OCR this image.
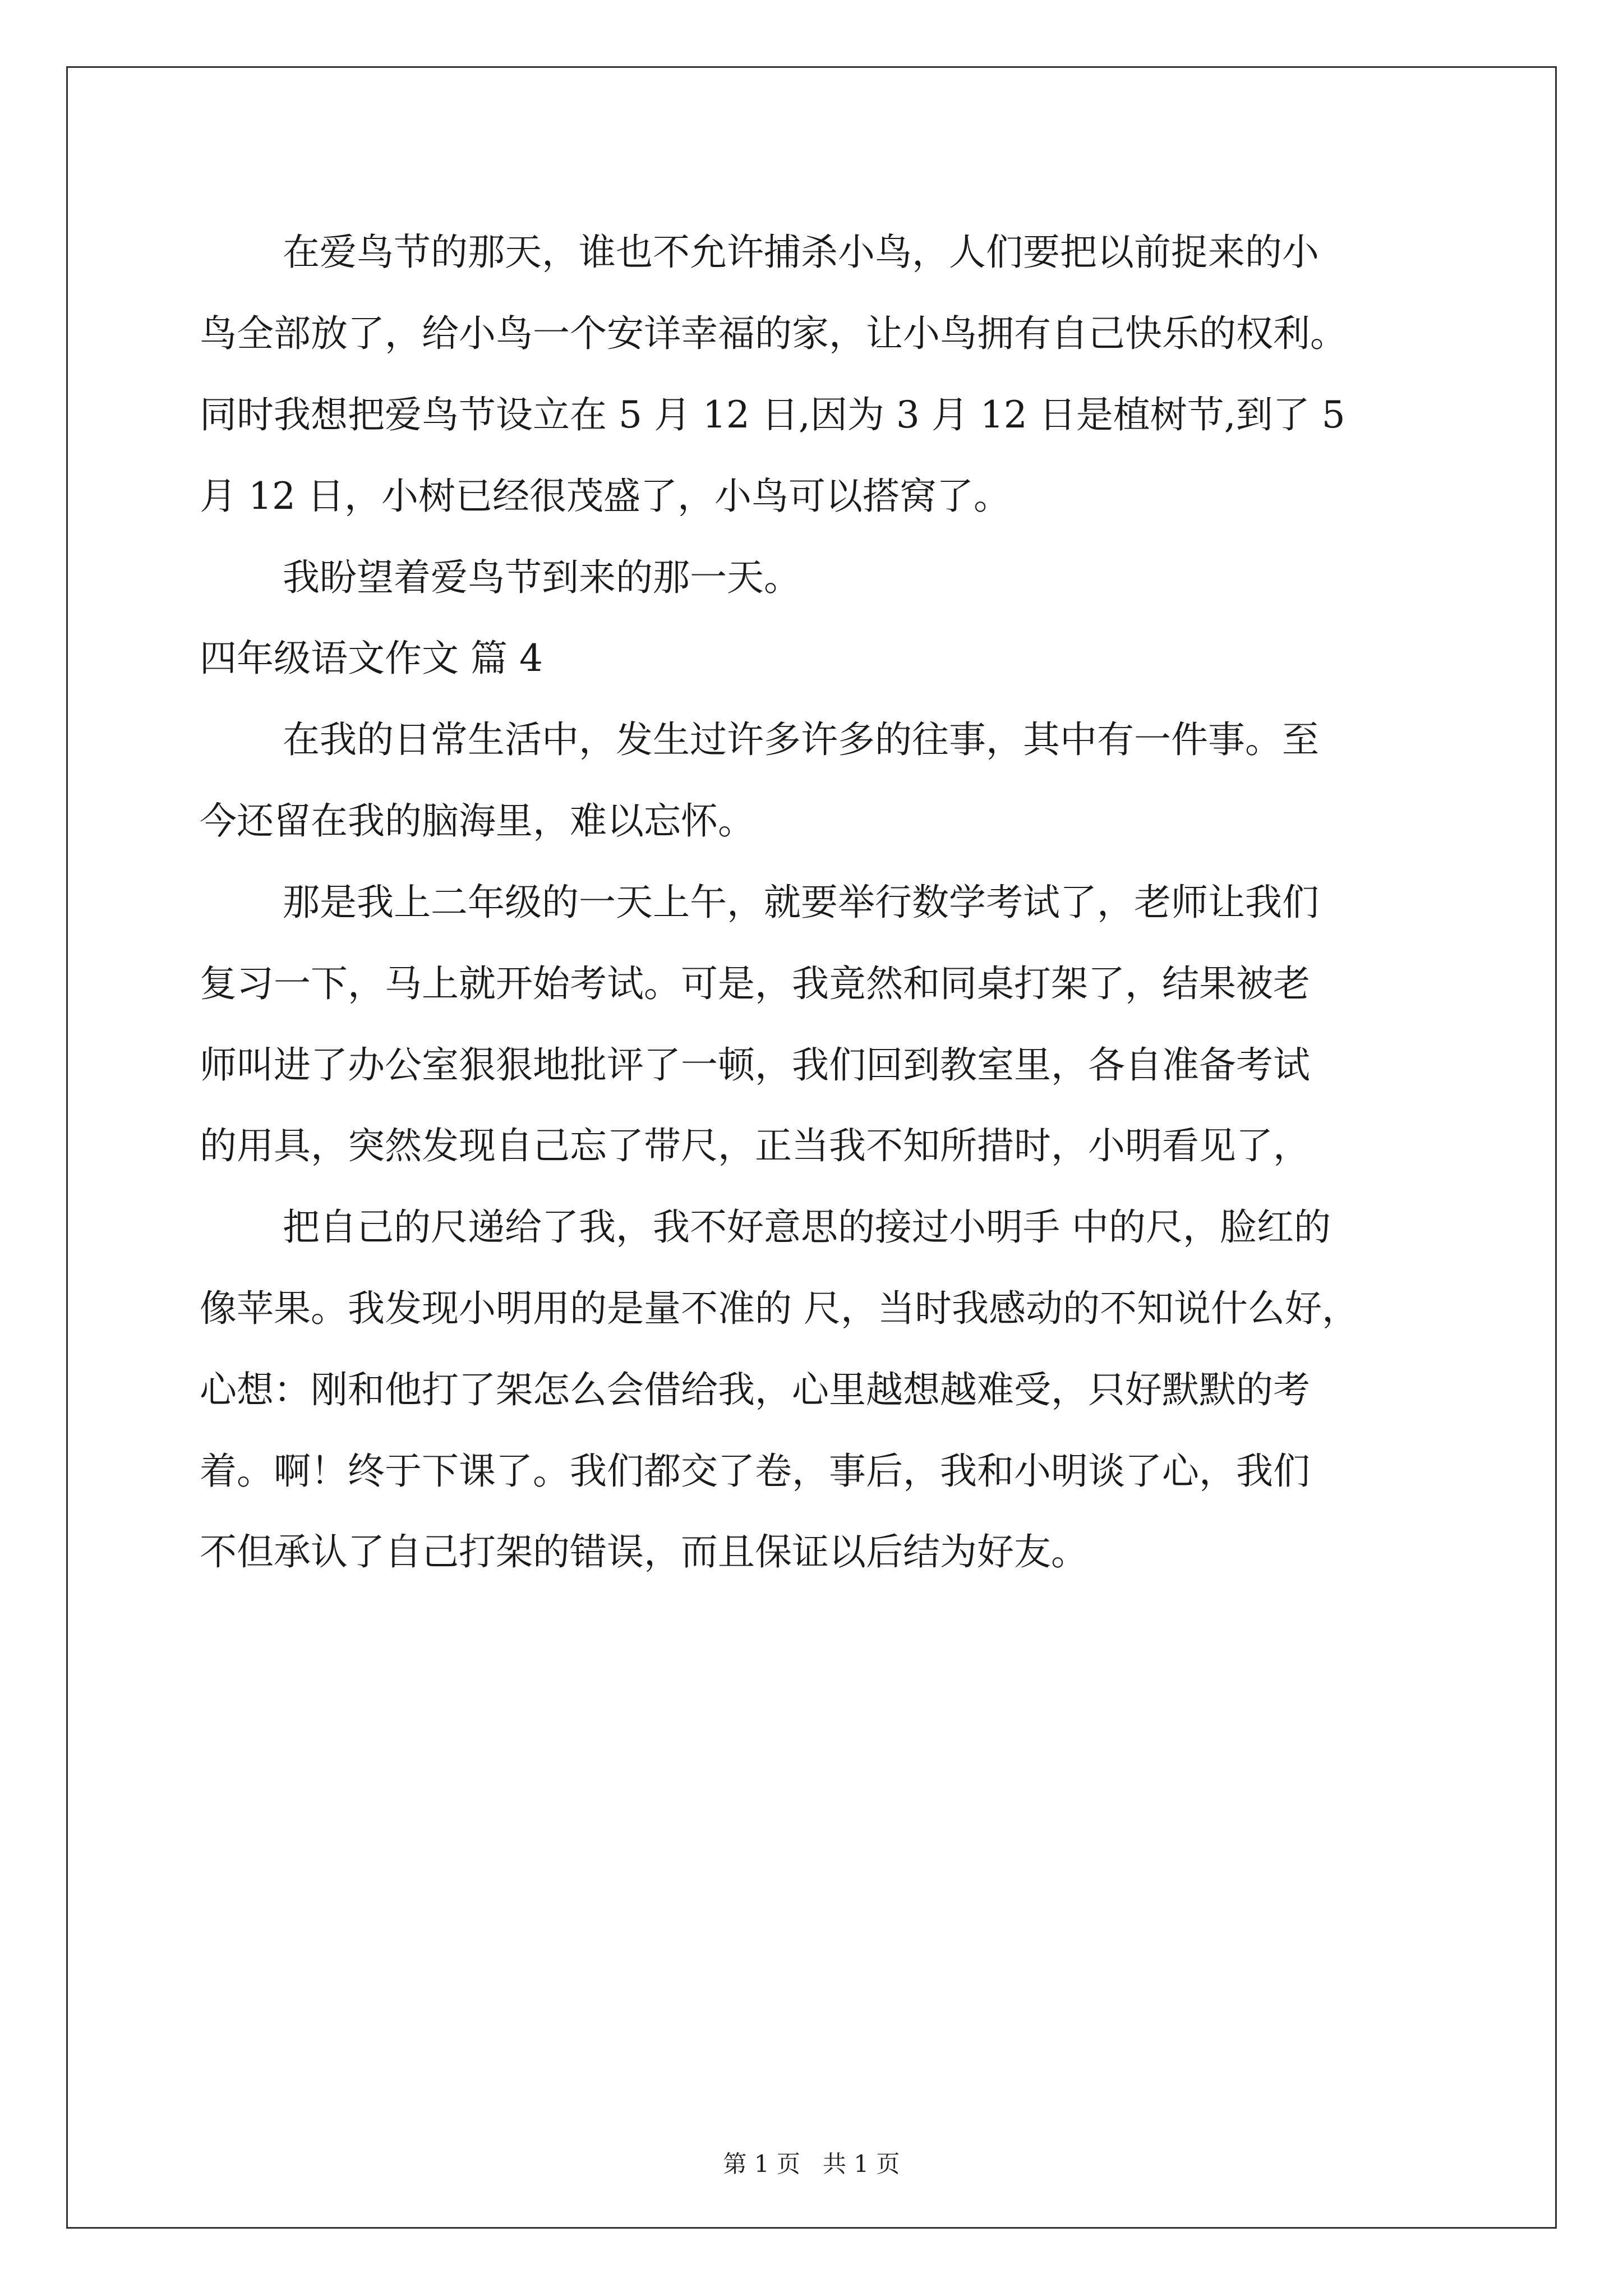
在爱鸟节的那天，谁也不允许捕杀小鸟，人们要把以前捉来的小
鸟全部放了，给小鸟一个安详幸福的家，让小鸟拥有自己快乐的权利。
同时我想把爱鸟节设立在 5 月 12 日,因为 3 月 12 日是植树节,到了 5
月 12 日，小树已经很茂盛了，小鸟可以搭窝了。
我盼望着爱鸟节到来的那一天。
四年级语文作文 篇 4
在我的日常生活中，发生过许多许多的往事，其中有一件事。至
今还留在我的脑海里，难以忘怀。
那是我上二年级的一天上午，就要举行数学考试了，老师让我们
复习一下，马上就开始考试。可是，我竟然和同桌打架了，结果被老
师叫进了办公室狠狠地批评了一顿，我们回到教室里，各自准备考试
的用具，突然发现自己忘了带尺，正当我不知所措时，小明看见了，
把自己的尺递给了我，我不好意思的接过小明手 中的尺，脸红的
像苹果。我发现小明用的是量不准的 尺，当时我感动的不知说什么好，
心想：刚和他打了架怎么会借给我，心里越想越难受，只好默默的考
着。啊！终于下课了。我们都交了卷，事后，我和小明谈了心，我们
不但承认了自己打架的错误，而且保证以后结为好友。
第 1 页   共 1 页
